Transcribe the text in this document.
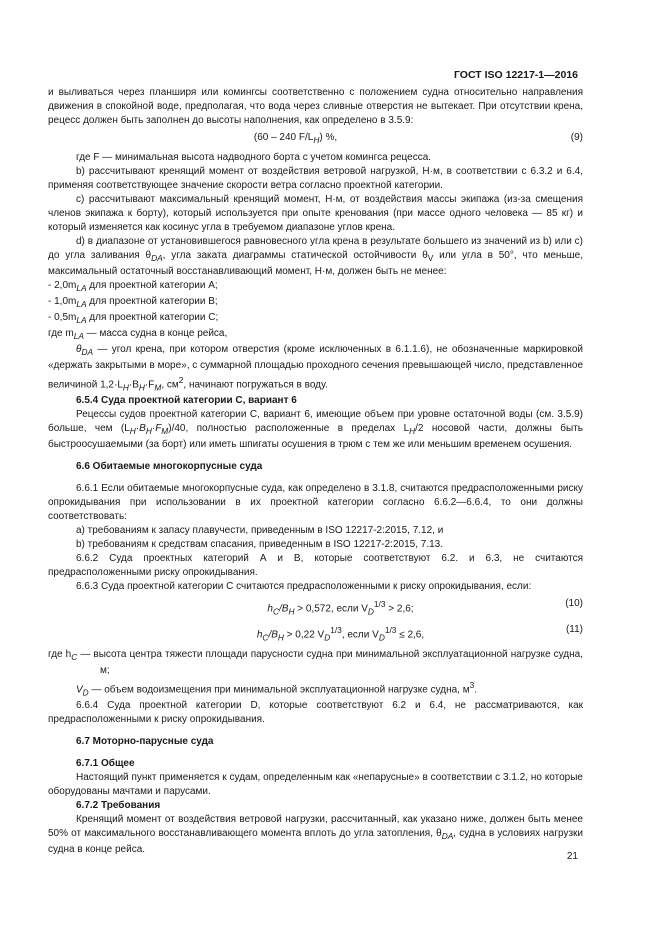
ГОСТ ISO 12217-1—2016

и выливаться через планширя или комингсы соответственно с положением судна относительно направления движения в спокойной воде, предполагая, что вода через сливные отверстия не вытекает. При отсутствии крена, рецесс должен быть заполнен до высоты наполнения, как определено в 3.5.9:

(60 – 240 $F/L_H$) %,	(9)

где F — минимальная высота надводного борта с учетом комингса рецесса.

b) рассчитывают кренящий момент от воздействия ветровой нагрузкой, Н·м, в соответствии с 6.3.2 и 6.4, применяя соответствующее значение скорости ветра согласно проектной категории.

c) рассчитывают максимальный кренящий момент, Н·м, от воздействия массы экипажа (из-за смещения членов экипажа к борту), который используется при опыте кренования (при массе одного человека — 85 кг) и который изменяется как косинус угла в требуемом диапазоне углов крена.

d) в диапазоне от установившегося равновесного угла крена в результате большего из значений из b) или c) до угла заливания $\theta_{DA}$, угла заката диаграммы статической остойчивости $\theta_V$ или угла в 50°, что меньше, максимальный остаточный восстанавливающий момент, Н·м, должен быть не менее:

- $2,0m_{LA}$ для проектной категории А;

- $1,0m_{LA}$ для проектной категории В;

- $0,5m_{LA}$ для проектной категории С;

где $m_{LA}$ — масса судна в конце рейса,

$\theta_{DA}$ — угол крена, при котором отверстия (кроме исключенных в 6.1.1.6), не обозначенные маркировкой «держать закрытыми в море», с суммарной площадью проходного сечения превышающей число, представленное величиной $1,2\cdot L_H\cdot B_H\cdot F_M$, $см^2$, начинают погружаться в воду.

6.5.4 Суда проектной категории С, вариант 6

Рецессы судов проектной категории С, вариант 6, имеющие объем при уровне остаточной воды (см. 3.5.9) больше, чем $(L_H\cdot B_H\cdot F_M)/40$, полностью расположенные в пределах $L_H/2$ носовой части, должны быть быстроосушаемыми (за борт) или иметь шпигаты осушения в трюм с тем же или меньшим временем осушения.

6.6 Обитаемые многокорпусные суда

6.6.1 Если обитаемые многокорпусные суда, как определено в 3.1.8, считаются предрасположенными риску опрокидывания при использовании в их проектной категории согласно 6.6.2—6.6.4, то они должны соответствовать:

a) требованиям к запасу плавучести, приведенным в ISO 12217-2:2015, 7.12, и

b) требованиям к средствам спасания, приведенным в ISO 12217-2:2015, 7.13.

6.6.2 Суда проектных категорий А и В, которые соответствуют 6.2. и 6.3, не считаются предрасположенными риску опрокидывания.

6.6.3 Суда проектной категории С считаются предрасположенными к риску опрокидывания, если:

$h_C/B_H > 0,572$, если $V_D^{1/3} > 2,6$;	(10)
$h_C/B_H > 0,22$ $V_D^{1/3}$, если $V_D^{1/3} \le 2,6$,	(11)

где $h_C$ — высота центра тяжести площади парусности судна при минимальной эксплуатационной нагрузке судна, м;

$V_D$ — объем водоизмещения при минимальной эксплуатационной нагрузке судна, $м^3$.

6.6.4 Суда проектной категории D, которые соответствуют 6.2 и 6.4, не рассматриваются, как предрасположенными к риску опрокидывания.

6.7 Моторно-парусные суда

6.7.1 Общее

Настоящий пункт применяется к судам, определенным как «непарусные» в соответствии с 3.1.2, но которые оборудованы мачтами и парусами.

6.7.2 Требования

Кренящий момент от воздействия ветровой нагрузки, рассчитанный, как указано ниже, должен быть менее 50% от максимального восстанавливающего момента вплоть до угла затопления, $\theta_{DA}$, судна в условиях нагрузки судна в конце рейса.

21
